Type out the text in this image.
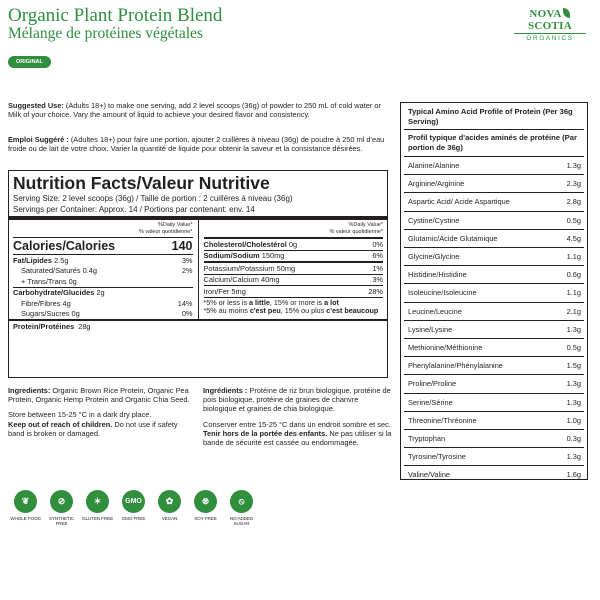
Organic Plant Protein Blend
Mélange de protéines végétales
ORIGINAL
NOVASCOTIA
ORGANICS
Suggested Use: (Adults 18+) to make one serving, add 2 level scoops (36g) of powder to 250 mL of cold water or Milk of your choice. Vary the amount of liquid to achieve your desired flavor and consistency.
Emploi Suggéré : (Adultes 18+) pour faire une portion, ajouter 2 cuillères à niveau (36g) de poudre à 250 ml d'eau froide ou de lait de votre choix. Varier la quantité de liquide pour obtenir la saveur et la consistance désirées.
Nutrition Facts/Valeur Nutritive
Serving Size: 2 level scoops (36g) / Taille de portion : 2 cuillères à niveau (36g)
Servings per Container: Approx. 14 / Portions par contenant: env. 14
%Daily Value*
% valeur quotidienne*
Calories/Calories	140
Fat/Lipides 2.5g	3%
Saturated/Saturés 0.4g	2%
+ Trans/Trans 0g
Carbohydrate/Glucides 2g
Fibre/Fibres 4g	14%
Sugars/Sucres 0g	0%
%Daily Value*
% valeur quotidienne*
Cholesterol/Cholestérol 0g	0%
Sodium/Sodium 150mg	6%
Potassium/Potassium 50mg	1%
Calcium/Calcium 40mg	3%
Iron/Fer 5mg	28%
*5% or less is a little, 15% or more is a lot
*5% au moins c'est peu, 15% ou plus c'est beaucoup
Protein/Protéines 28g
Ingredients: Organic Brown Rice Protein, Organic Pea Protein, Organic Hemp Protein and Organic Chia Seed.
Store between 15-25 °C in a dark dry place.
Keep out of reach of children. Do not use if safety band is broken or damaged.
Ingrédients : Protéine de riz brun biologique, protéine de pois biologique, protéine de graines de chanvre biologique et graines de chia biologique.
Conserver entre 15-25 °C dans un endroit sombre et sec.
Tenir hors de la portée des enfants. Ne pas utiliser si la bande de sécurité est cassée ou endommagée.
❦
WHOLE FOOD
⊘
SYNTHETIC FREE
✶
GLUTEN FREE
GMO
GMO FREE
✿
VEGAN
⊗
SOY FREE
⦸
NO ADDED SUGAR
Typical Amino Acid Profile of Protein (Per 36g Serving)
Profil typique d'acides aminés de protéine (Par portion de 36g)
Alanine/Alanine	1.3g
Arginine/Arginine	2.3g
Aspartic Acid/ Acide Aspartique	2.8g
Cystine/Cystine	0.5g
Glutamic/Acide Glutamique	4.5g
Glycine/Glycine	1.1g
Histidine/Histidine	0.6g
Isoleucine/Isoleucine	1.1g
Leucine/Leucine	2.1g
Lysine/Lysine	1.3g
Methionine/Méthionine	0.5g
Phenylalanine/Phénylalanine	1.5g
Proline/Proline	1.3g
Serine/Sérine	1.3g
Threonine/Thréonine	1.0g
Tryptophan	0.3g
Tyrosine/Tyrosine	1.3g
Valine/Valine	1.6g
